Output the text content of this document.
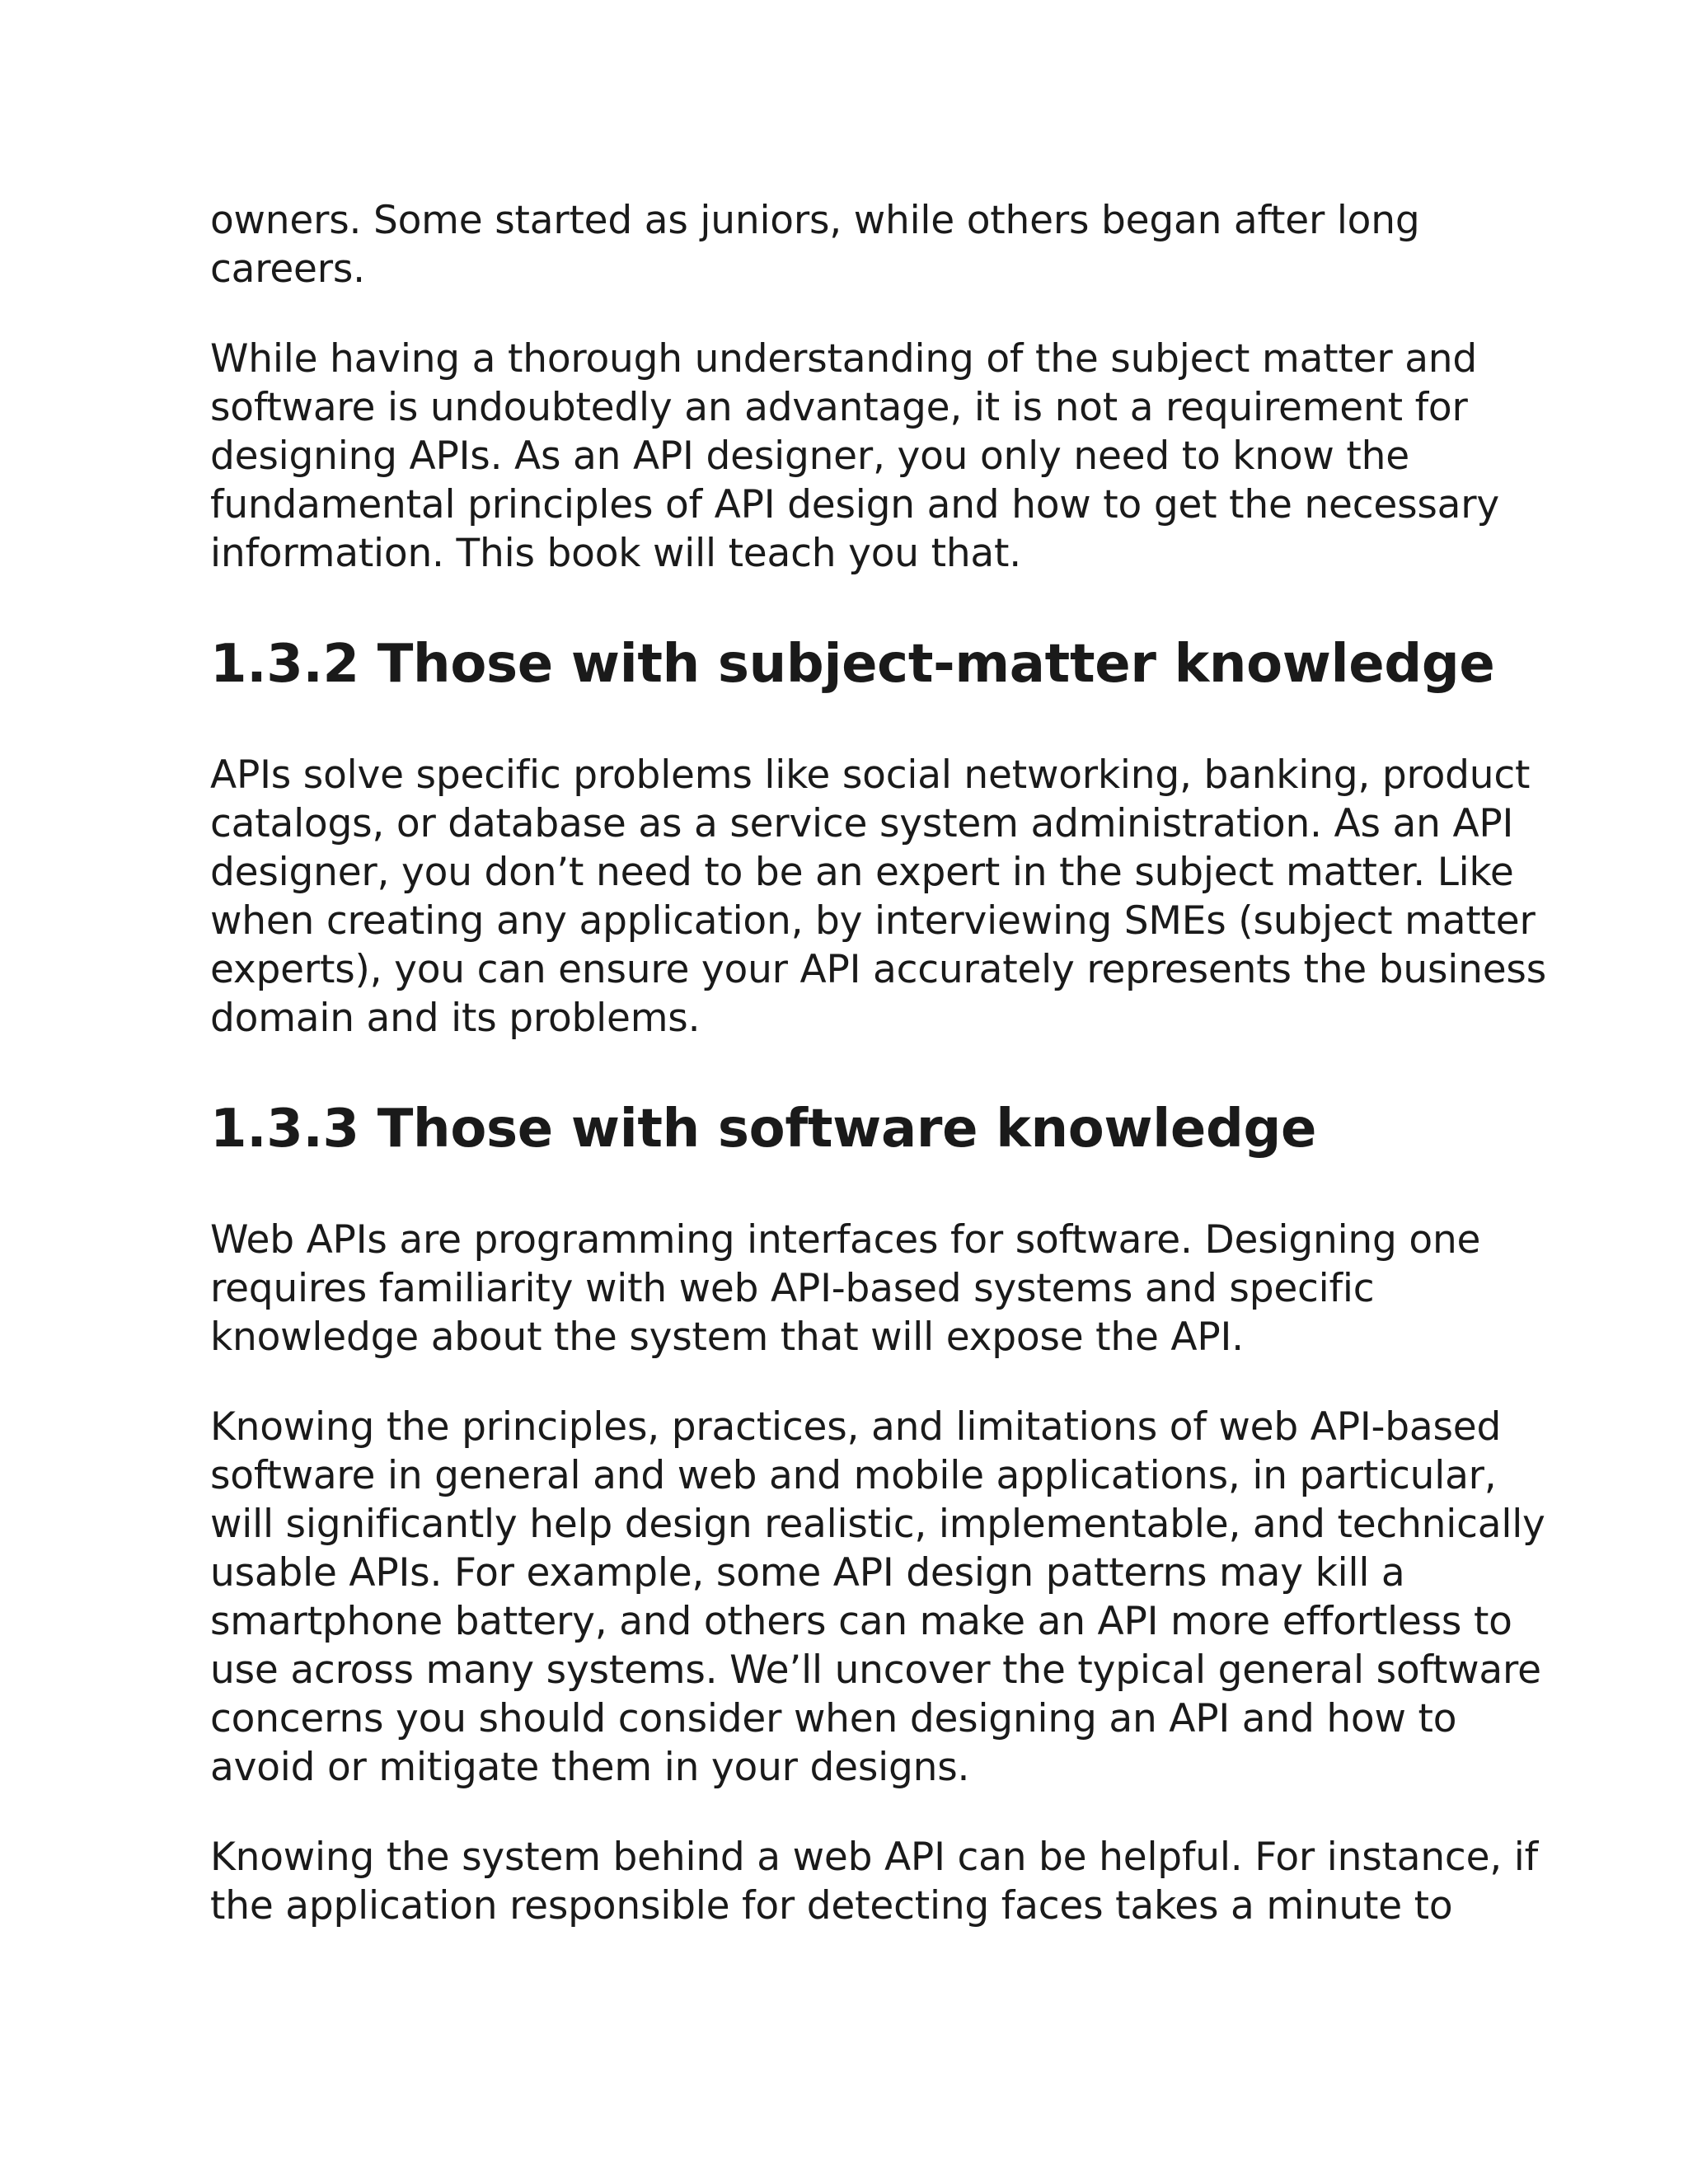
owners. Some started as juniors, while others began after long
careers.

While having a thorough understanding of the subject matter and
software is undoubtedly an advantage, it is not a requirement for
designing APIs. As an API designer, you only need to know the
fundamental principles of API design and how to get the necessary
information. This book will teach you that.

1.3.2 Those with subject-matter knowledge

APIs solve specific problems like social networking, banking, product
catalogs, or database as a service system administration. As an API
designer, you don’t need to be an expert in the subject matter. Like
when creating any application, by interviewing SMEs (subject matter
experts), you can ensure your API accurately represents the business
domain and its problems.

1.3.3 Those with software knowledge

Web APIs are programming interfaces for software. Designing one
requires familiarity with web API-based systems and specific
knowledge about the system that will expose the API.

Knowing the principles, practices, and limitations of web API-based
software in general and web and mobile applications, in particular,
will significantly help design realistic, implementable, and technically
usable APIs. For example, some API design patterns may kill a
smartphone battery, and others can make an API more effortless to
use across many systems. We’ll uncover the typical general software
concerns you should consider when designing an API and how to
avoid or mitigate them in your designs.

Knowing the system behind a web API can be helpful. For instance, if
the application responsible for detecting faces takes a minute to
